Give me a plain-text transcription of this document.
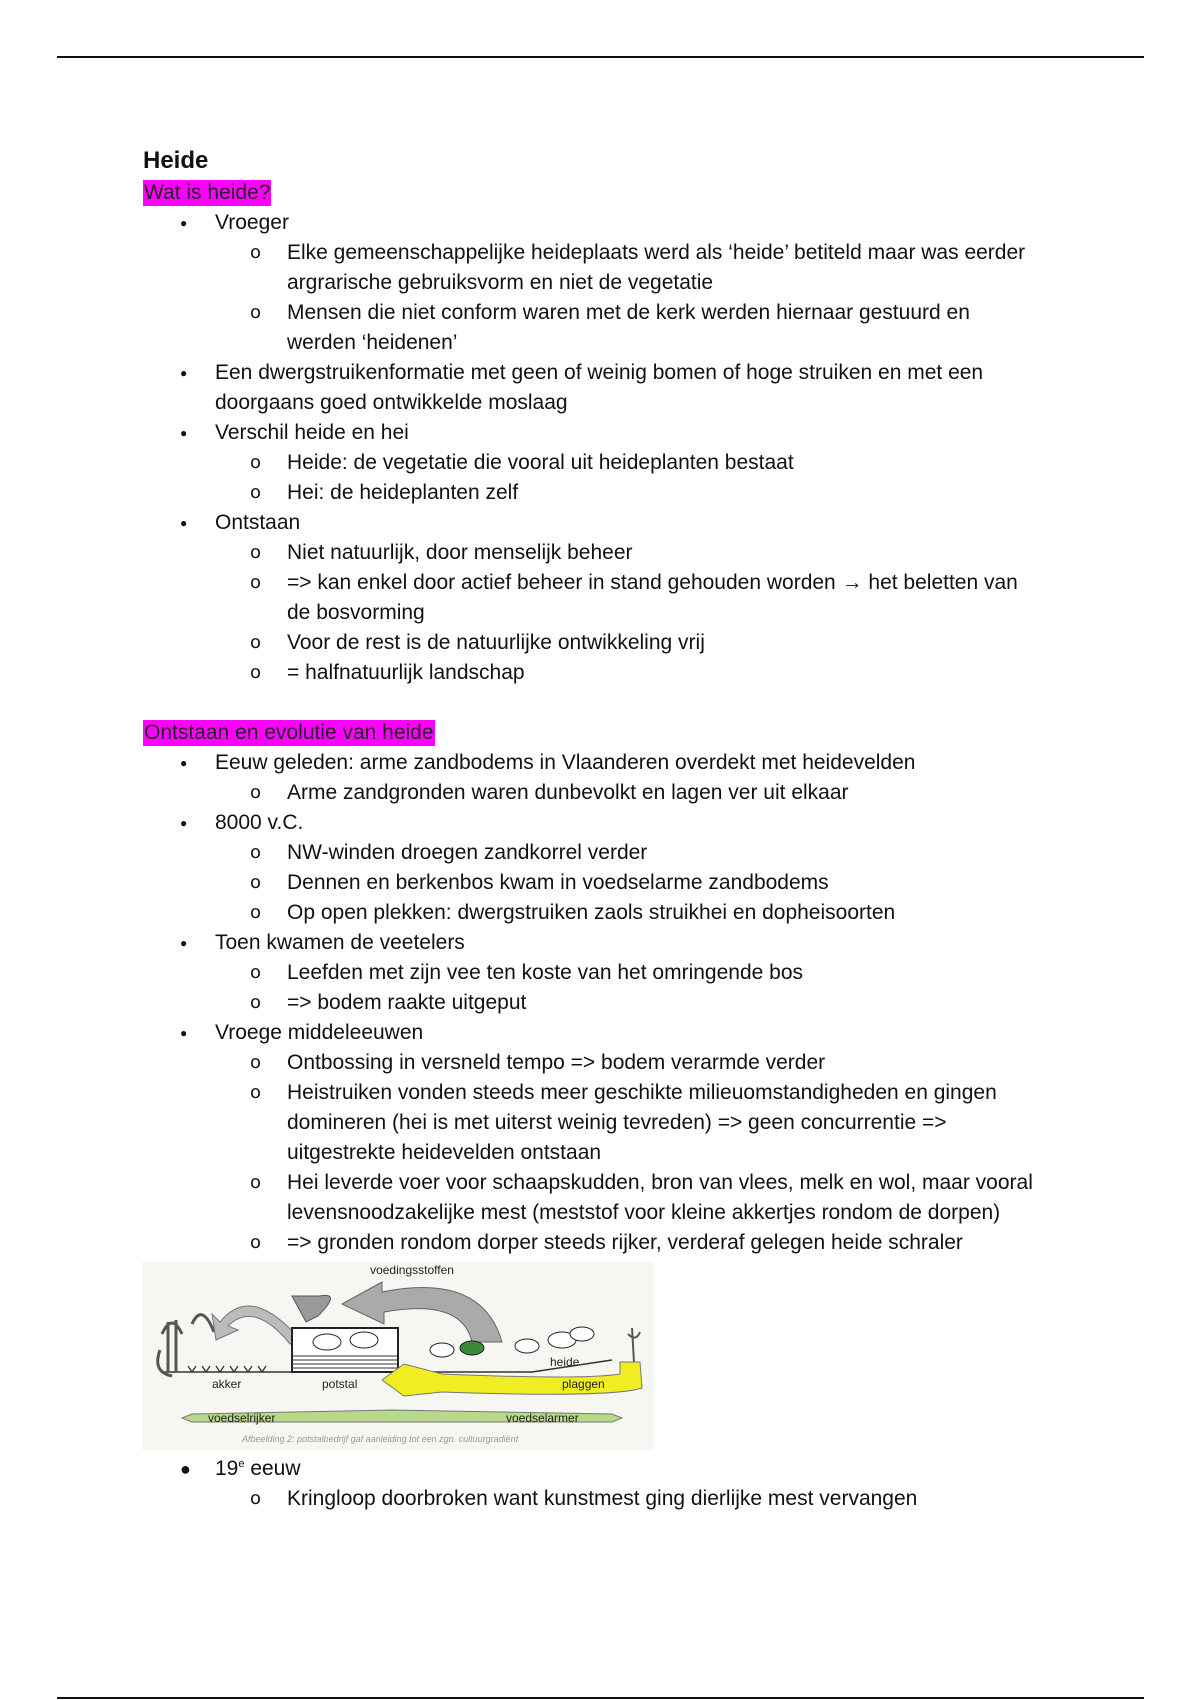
Heide
Wat is heide?
● Vroeger
o Elke gemeenschappelijke heideplaats werd als ‘heide’ betiteld maar was eerder argrarische gebruiksvorm en niet de vegetatie
o Mensen die niet conform waren met de kerk werden hiernaar gestuurd en werden ‘heidenen’
● Een dwergstruikenformatie met geen of weinig bomen of hoge struiken en met een doorgaans goed ontwikkelde moslaag
● Verschil heide en hei
o Heide: de vegetatie die vooral uit heideplanten bestaat
o Hei: de heideplanten zelf
● Ontstaan
o Niet natuurlijk, door menselijk beheer
o => kan enkel door actief beheer in stand gehouden worden → het beletten van de bosvorming
o Voor de rest is de natuurlijke ontwikkeling vrij
o = halfnatuurlijk landschap
Ontstaan en evolutie van heide
● Eeuw geleden: arme zandbodems in Vlaanderen overdekt met heidevelden
o Arme zandgronden waren dunbevolkt en lagen ver uit elkaar
● 8000 v.C.
o NW-winden droegen zandkorrel verder
o Dennen en berkenbos kwam in voedselarme zandbodems
o Op open plekken: dwergstruiken zaols struikhei en dopheisoorten
● Toen kwamen de veetelers
o Leefden met zijn vee ten koste van het omringende bos
o => bodem raakte uitgeput
● Vroege middeleeuwen
o Ontbossing in versneld tempo => bodem verarmde verder
o Heistruiken vonden steeds meer geschikte milieuomstandigheden en gingen domineren (hei is met uiterst weinig tevreden) => geen concurrentie => uitgestrekte heidevelden ontstaan
o Hei leverde voer voor schaapskudden, bron van vlees, melk en wol, maar vooral levensnoodzakelijke mest (meststof voor kleine akkertjes rondom de dorpen)
o => gronden rondom dorper steeds rijker, verderaf gelegen heide schraler
voedingsstoffen
akker	potstal
heide
plaggen
voedselrijker	voedselarmer
Afbeelding 2: potstalbedrijf gaf aanleiding tot een zgn. cultuurgradiënt
● 19e eeuw
o Kringloop doorbroken want kunstmest ging dierlijke mest vervangen
